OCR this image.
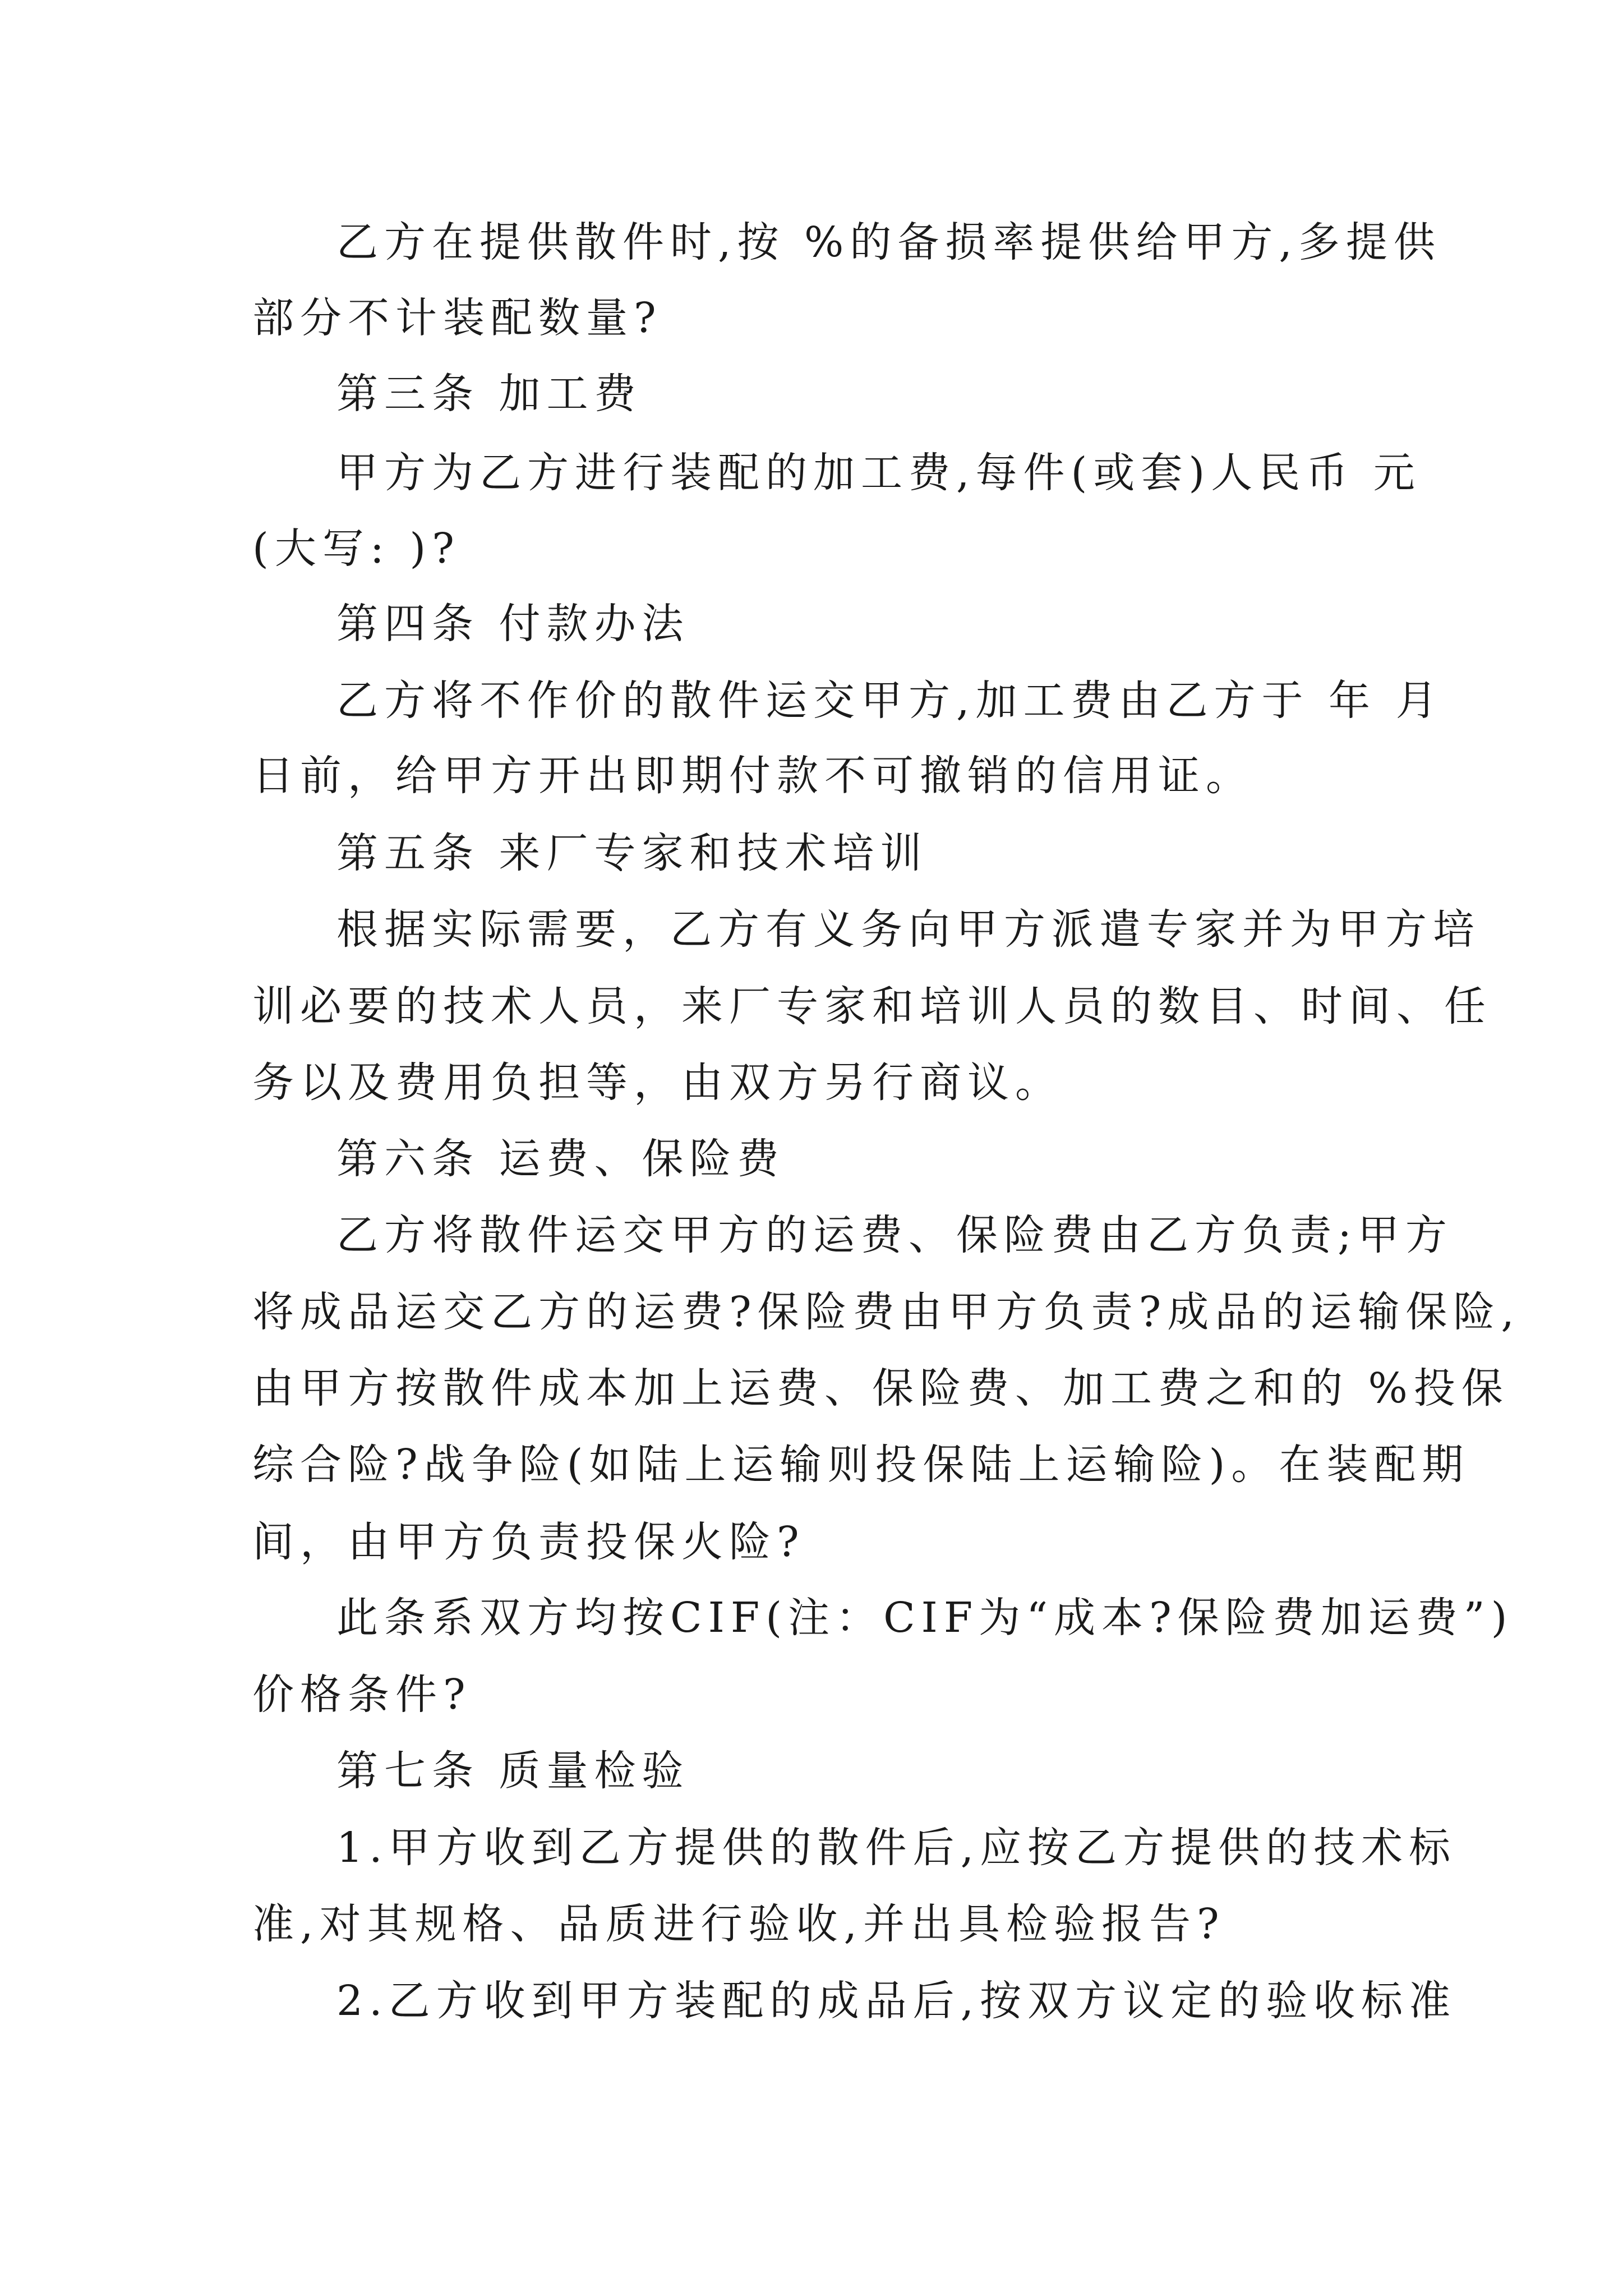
乙方在提供散件时,按 %的备损率提供给甲方,多提供

部分不计装配数量?

第三条 加工费

甲方为乙方进行装配的加工费,每件(或套)人民币 元

(大写: )?

第四条 付款办法

乙方将不作价的散件运交甲方,加工费由乙方于 年 月

日前，给甲方开出即期付款不可撤销的信用证。

第五条 来厂专家和技术培训

根据实际需要，乙方有义务向甲方派遣专家并为甲方培

训必要的技术人员，来厂专家和培训人员的数目、时间、任

务以及费用负担等，由双方另行商议。

第六条 运费、保险费

乙方将散件运交甲方的运费、保险费由乙方负责;甲方

将成品运交乙方的运费?保险费由甲方负责?成品的运输保险,

由甲方按散件成本加上运费、保险费、加工费之和的 %投保

综合险?战争险(如陆上运输则投保陆上运输险)。在装配期

间，由甲方负责投保火险?

此条系双方均按CIF(注：CIF为“成本?保险费加运费”)

价格条件?

第七条 质量检验

1.甲方收到乙方提供的散件后,应按乙方提供的技术标

准,对其规格、品质进行验收,并出具检验报告?

2.乙方收到甲方装配的成品后,按双方议定的验收标准
